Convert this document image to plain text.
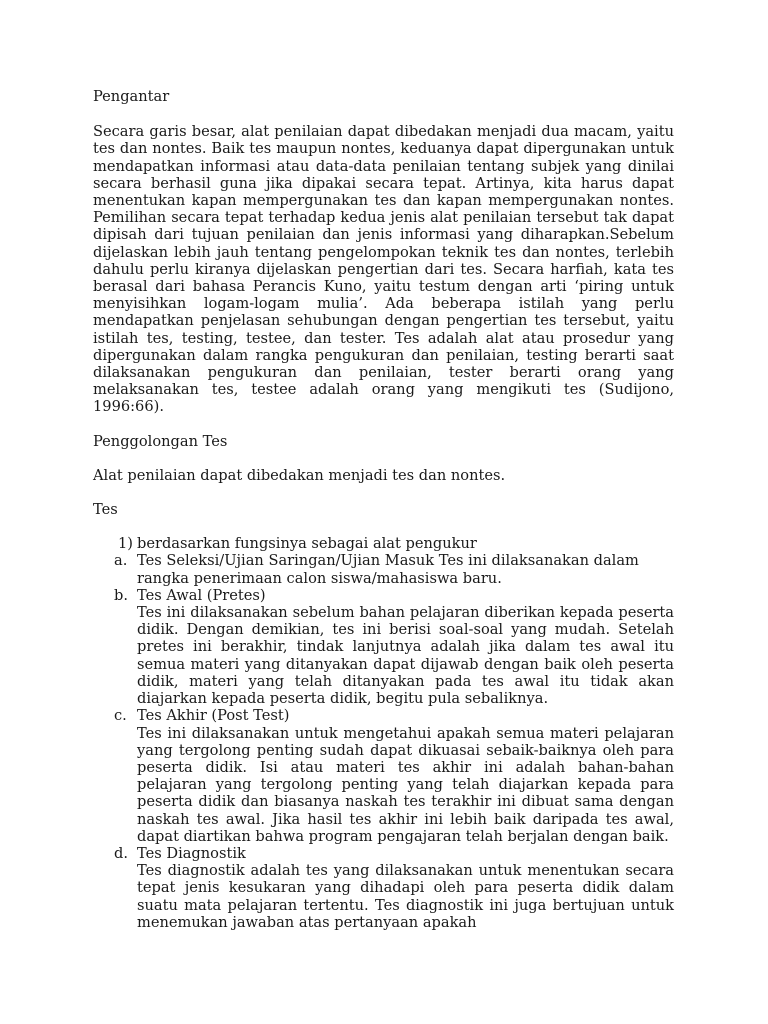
Pengantar

Secara garis besar, alat penilaian dapat dibedakan menjadi dua macam, yaitu tes dan nontes. Baik tes maupun nontes, keduanya dapat dipergunakan untuk mendapatkan informasi atau data-data penilaian tentang subjek yang dinilai secara berhasil guna jika dipakai secara tepat. Artinya, kita harus dapat menentukan kapan mempergunakan tes dan kapan mempergunakan nontes. Pemilihan secara tepat terhadap kedua jenis alat penilaian tersebut tak dapat dipisah dari tujuan penilaian dan jenis informasi yang diharapkan.Sebelum dijelaskan lebih jauh tentang pengelompokan teknik tes dan nontes, terlebih dahulu perlu kiranya dijelaskan pengertian dari tes. Secara harfiah, kata tes berasal dari bahasa Perancis Kuno, yaitu testum dengan arti ‘piring untuk menyisihkan logam-logam mulia’. Ada beberapa istilah yang perlu mendapatkan penjelasan sehubungan dengan pengertian tes tersebut, yaitu istilah tes, testing, testee, dan tester. Tes adalah alat atau prosedur yang dipergunakan dalam rangka pengukuran dan penilaian, testing berarti saat dilaksanakan pengukuran dan penilaian, tester berarti orang yang melaksanakan tes, testee adalah orang yang mengikuti tes (Sudijono, 1996:66).

Penggolongan Tes

Alat penilaian dapat dibedakan menjadi tes dan nontes.

Tes

1) berdasarkan fungsinya sebagai alat pengukur

a. Tes Seleksi/Ujian Saringan/Ujian Masuk Tes ini dilaksanakan dalam rangka penerimaan calon siswa/mahasiswa baru.

b. Tes Awal (Pretes)

Tes ini dilaksanakan sebelum bahan pelajaran diberikan kepada peserta didik. Dengan demikian, tes ini berisi soal-soal yang mudah. Setelah pretes ini berakhir, tindak lanjutnya adalah jika dalam tes awal itu semua materi yang ditanyakan dapat dijawab dengan baik oleh peserta didik, materi yang telah ditanyakan pada tes awal itu tidak akan diajarkan kepada peserta didik, begitu pula sebaliknya.

c. Tes Akhir (Post Test)

Tes ini dilaksanakan untuk mengetahui apakah semua materi pelajaran yang tergolong penting sudah dapat dikuasai sebaik-baiknya oleh para peserta didik. Isi atau materi tes akhir ini adalah bahan-bahan pelajaran yang tergolong penting yang telah diajarkan kepada para peserta didik dan biasanya naskah tes terakhir ini dibuat sama dengan naskah tes awal. Jika hasil tes akhir ini lebih baik daripada tes awal, dapat diartikan bahwa program pengajaran telah berjalan dengan baik.

d. Tes Diagnostik

Tes diagnostik adalah tes yang dilaksanakan untuk menentukan secara tepat jenis kesukaran yang dihadapi oleh para peserta didik dalam suatu mata pelajaran tertentu. Tes diagnostik ini juga bertujuan untuk menemukan jawaban atas pertanyaan apakah
